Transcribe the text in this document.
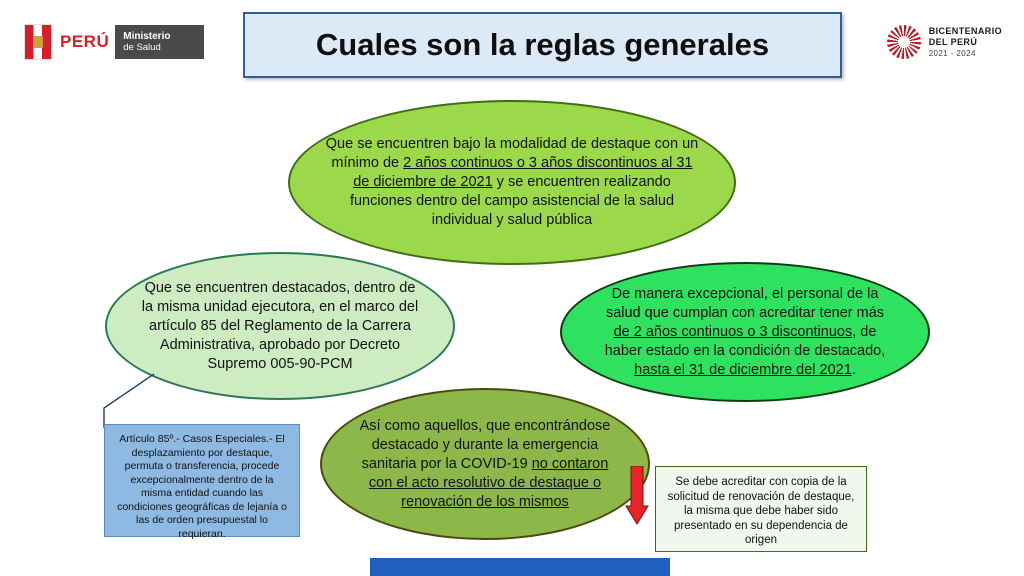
PERÚ	Ministerio
de Salud
BICENTENARIO
DEL PERÚ
2021 - 2024
Cuales son la reglas generales
Que se encuentren bajo la modalidad de destaque con un mínimo de 2 años continuos o 3 años discontinuos al 31 de diciembre de 2021 y se encuentren realizando funciones dentro del campo asistencial de la salud individual y salud pública
Que se encuentren destacados, dentro de la misma unidad ejecutora, en el marco del artículo 85 del Reglamento de la Carrera Administrativa, aprobado por Decreto Supremo 005-90-PCM
De manera excepcional, el personal de la salud que cumplan con acreditar tener más de 2 años continuos o 3 discontinuos, de haber estado en la condición de destacado, hasta el 31 de diciembre del 2021.
Así como aquellos, que encontrándose destacado y durante la emergencia sanitaria por la COVID-19 no contaron con el acto resolutivo de destaque o renovación de los mismos
Artículo 85º.- Casos Especiales.- El desplazamiento por destaque, permuta o transferencia, procede excepcionalmente dentro de la misma entidad cuando las condiciones geográficas de lejanía o las de orden presupuestal lo requieran.
Se debe acreditar con copia de la solicitud de renovación de destaque, la misma que debe haber sido presentado en su dependencia de origen
